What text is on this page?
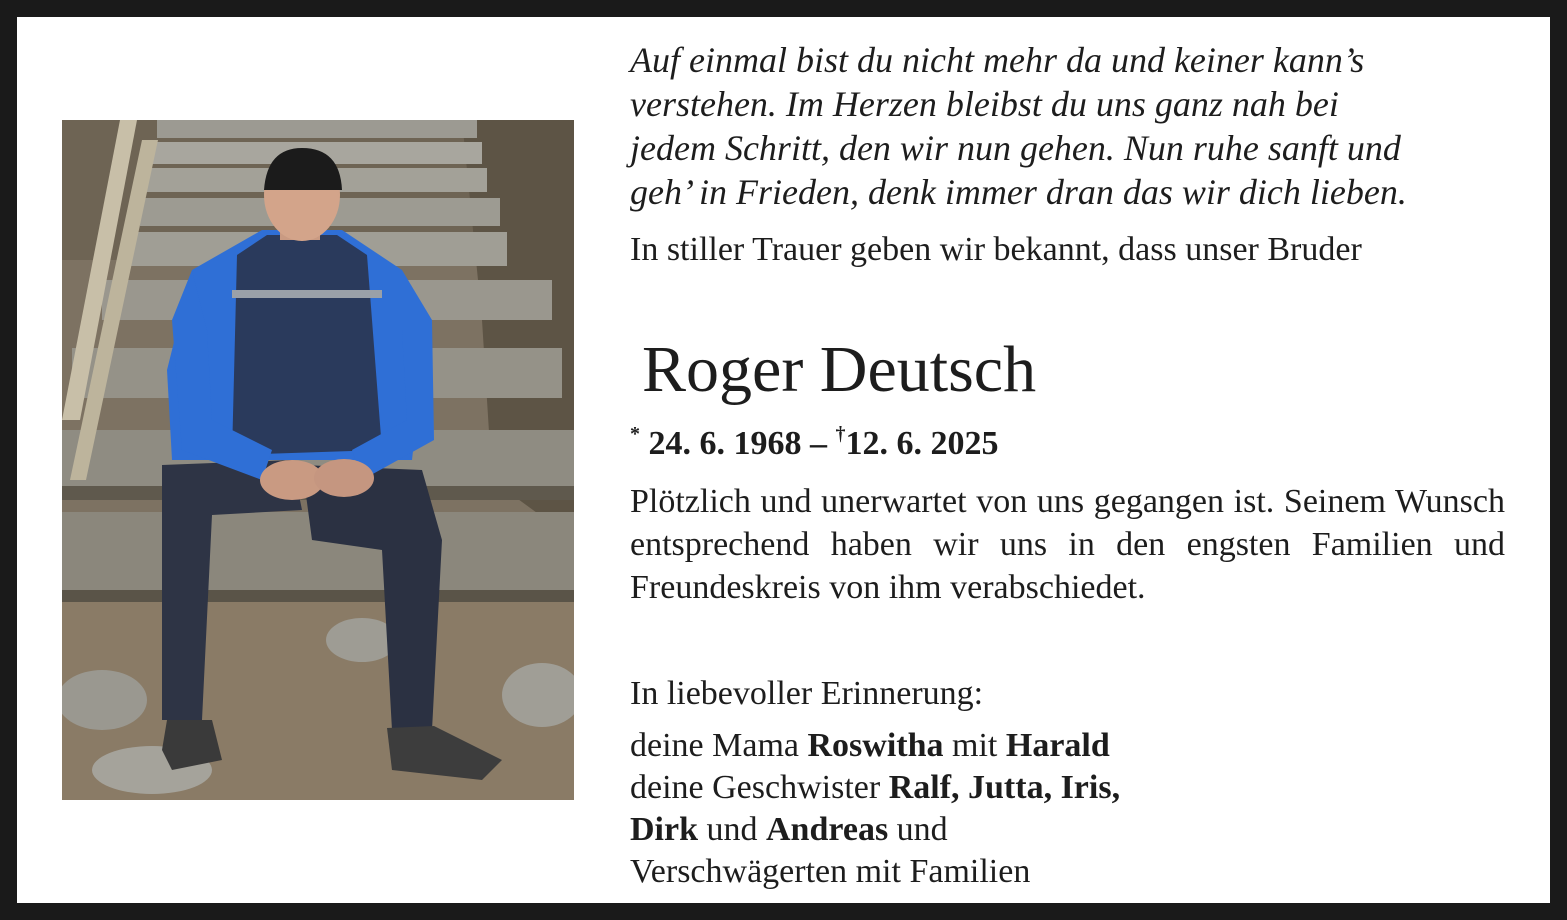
Auf einmal bist du nicht mehr da und keiner kann’s
verstehen. Im Herzen bleibst du uns ganz nah bei
jedem Schritt, den wir nun gehen. Nun ruhe sanft und
geh’ in Frieden, denk immer dran das wir dich lieben.
In stiller Trauer geben wir bekannt, dass unser Bruder
Roger Deutsch
* 24. 6. 1968 – †12. 6. 2025
Plötzlich und unerwartet von uns gegangen ist. Seinem Wunsch entsprechend haben wir uns in den engsten Familien und Freundeskreis von ihm verabschiedet.
In liebevoller Erinnerung:
deine Mama Roswitha mit Harald
deine Geschwister Ralf, Jutta, Iris,
Dirk und Andreas und
Verschwägerten mit Familien
